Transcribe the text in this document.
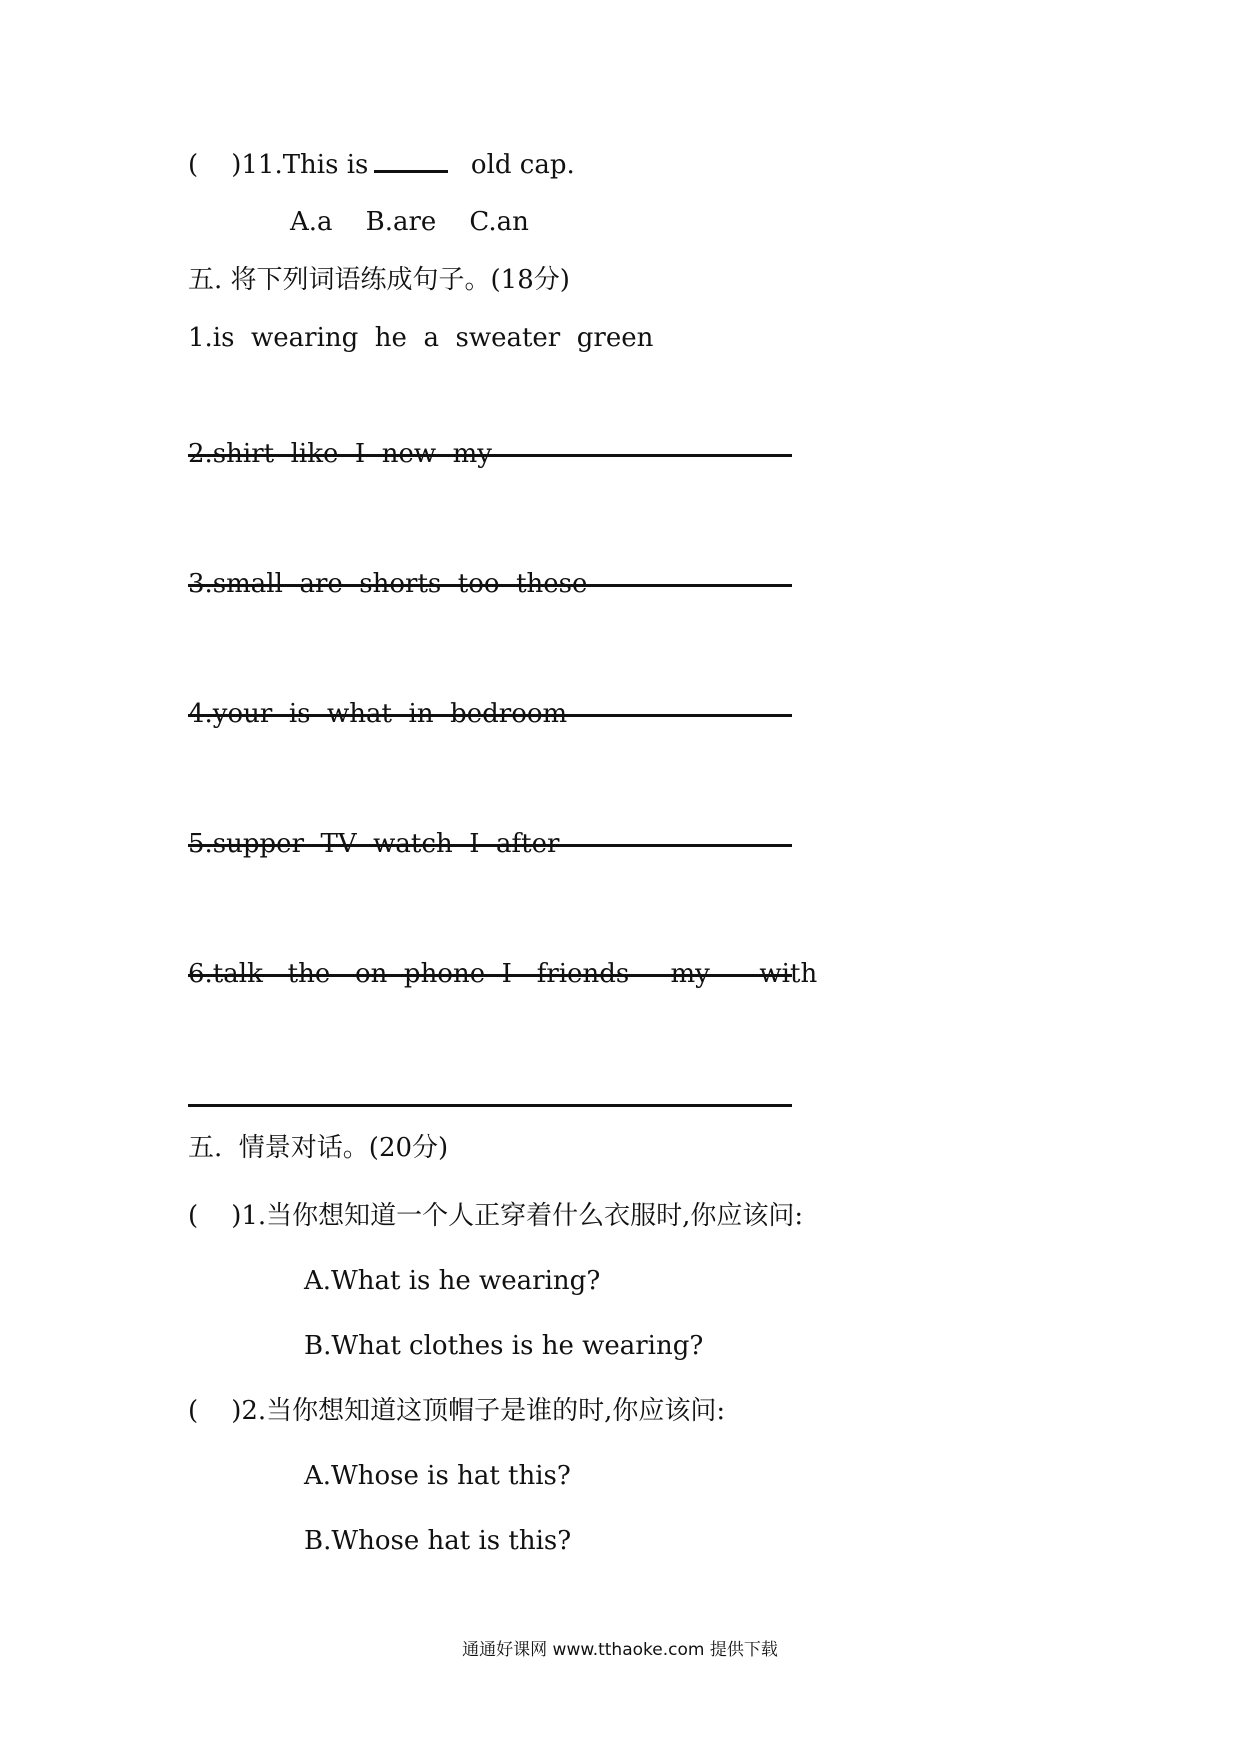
(    )11.This is	old cap.
A.a    B.are    C.an
五. 将下列词语练成句子。(18分)
1.is  wearing  he  a  sweater  green
2.shirt  like  I  new  my
3.small  are  shorts  too  these
4.your  is  what  in  bedroom
5.supper  TV  watch  I  after
6.talk   the   on  phone  I   friends     my      with
五.  情景对话。(20分)
(    )1.当你想知道一个人正穿着什么衣服时,你应该问:
A.What is he wearing?
B.What clothes is he wearing?
(    )2.当你想知道这顶帽子是谁的时,你应该问:
A.Whose is hat this?
B.Whose hat is this?
通通好课网 www.tthaoke.com 提供下载
